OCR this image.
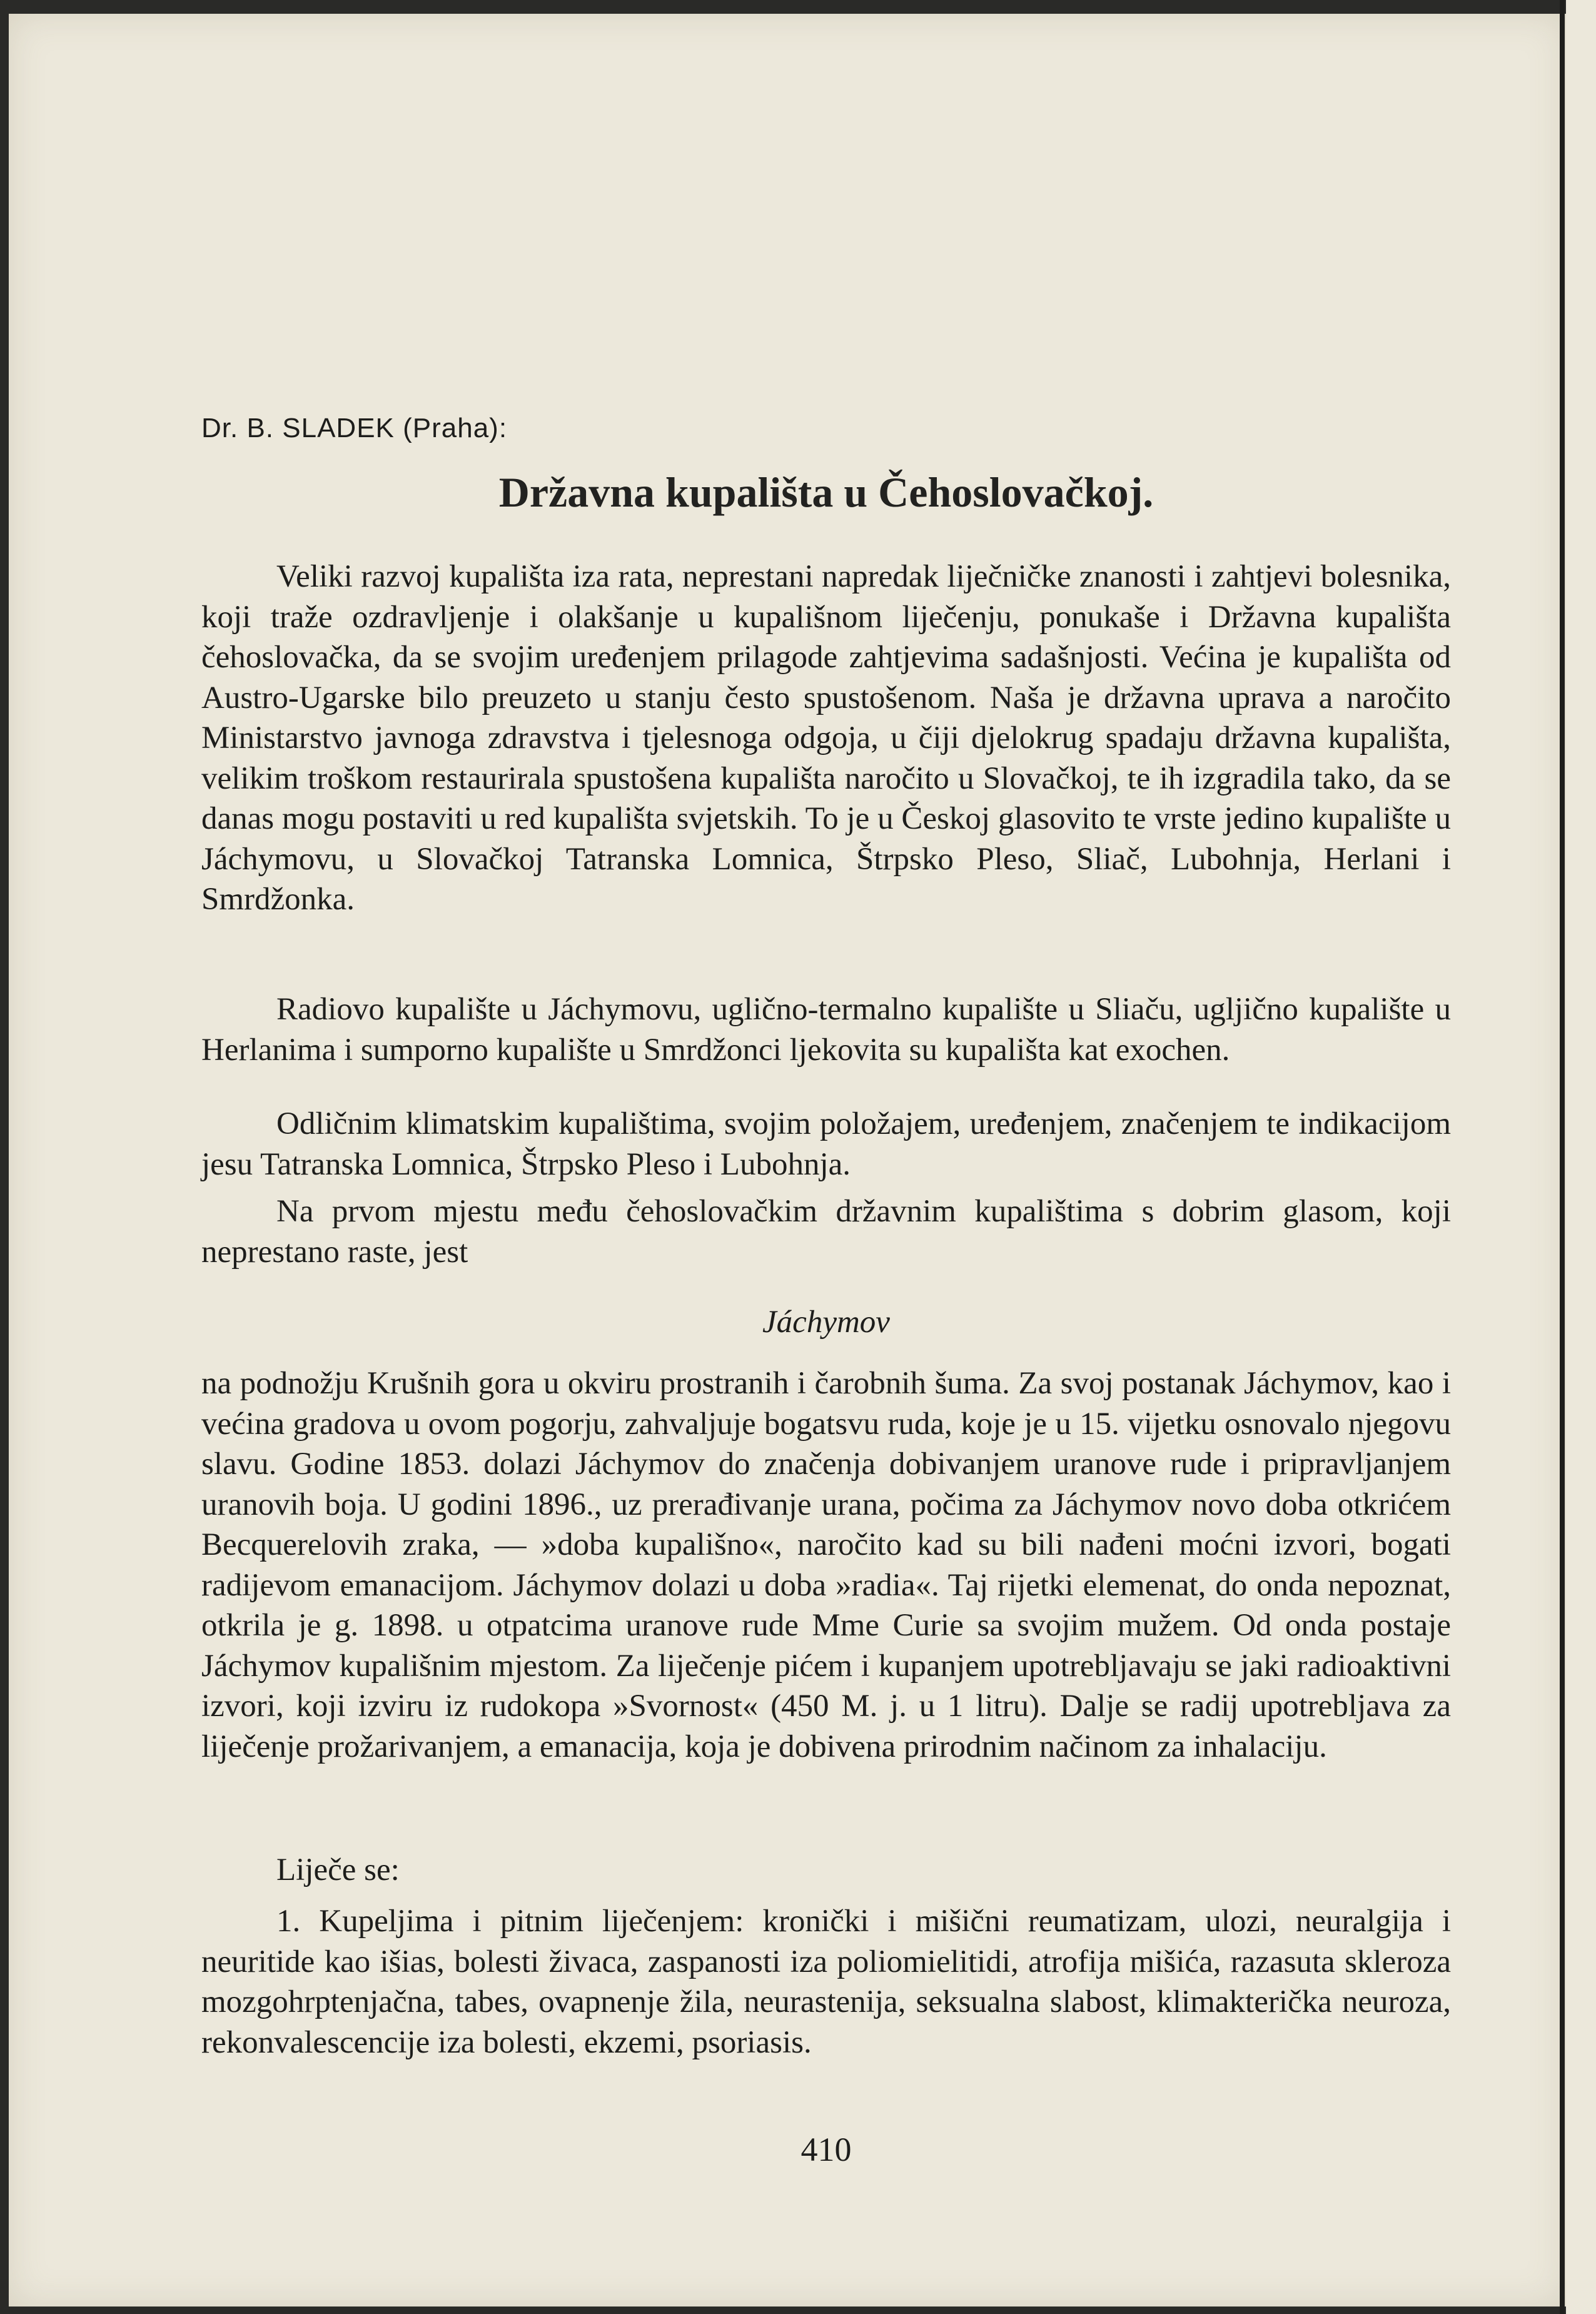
Dr. B. SLADEK (Praha):
Državna kupališta u Čehoslovačkoj.
Veliki razvoj kupališta iza rata, neprestani napredak liječničke znanosti i zahtjevi bolesnika, koji traže ozdravljenje i olakšanje u kupališnom liječenju, ponukaše i Državna kupališta čehoslovačka, da se svojim uređenjem prilagode zahtjevima sadašnjosti. Većina je kupališta od Austro-Ugarske bilo preuzeto u stanju često spustošenom. Naša je državna uprava a naročito Ministarstvo javnoga zdravstva i tjelesnoga odgoja, u čiji djelokrug spadaju državna kupališta, velikim troškom restaurirala spustošena kupališta naročito u Slovačkoj, te ih izgradila tako, da se danas mogu postaviti u red kupališta svjetskih. To je u Českoj glasovito te vrste jedino kupalište u Jáchymovu, u Slovačkoj Tatranska Lomnica, Štrpsko Pleso, Sliač, Lubohnja, Herlani i Smrdžonka.
Radiovo kupalište u Jáchymovu, uglično-termalno kupalište u Sliaču, ugljično kupalište u Herlanima i sumporno kupalište u Smrdžonci ljekovita su kupališta kat exochen.
Odličnim klimatskim kupalištima, svojim položajem, uređenjem, značenjem te indikacijom jesu Tatranska Lomnica, Štrpsko Pleso i Lubohnja.
Na prvom mjestu među čehoslovačkim državnim kupalištima s dobrim glasom, koji neprestano raste, jest
Jáchymov
na podnožju Krušnih gora u okviru prostranih i čarobnih šuma. Za svoj postanak Jáchymov, kao i većina gradova u ovom pogorju, zahvaljuje bogatsvu ruda, koje je u 15. vijetku osnovalo njegovu slavu. Godine 1853. dolazi Jáchymov do značenja dobivanjem uranove rude i pripravljanjem uranovih boja. U godini 1896., uz prerađivanje urana, počima za Jáchymov novo doba otkrićem Becquerelovih zraka, — »doba kupališno«, naročito kad su bili nađeni moćni izvori, bogati radijevom emanacijom. Jáchymov dolazi u doba »radia«. Taj rijetki elemenat, do onda nepoznat, otkrila je g. 1898. u otpatcima uranove rude Mme Curie sa svojim mužem. Od onda postaje Jáchymov kupališnim mjestom. Za liječenje pićem i kupanjem upotrebljavaju se jaki radioaktivni izvori, koji izviru iz rudokopa »Svornost« (450 M. j. u 1 litru). Dalje se radij upotrebljava za liječenje prožarivanjem, a emanacija, koja je dobivena prirodnim načinom za inhalaciju.
Liječe se:
1. Kupeljima i pitnim liječenjem: kronički i mišični reumatizam, ulozi, neuralgija i neuritide kao išias, bolesti živaca, zaspanosti iza poliomielitidi, atrofija mišića, razasuta skleroza mozgohrptenjačna, tabes, ovapnenje žila, neurastenija, seksualna slabost, klimakterička neuroza, rekonvalescencije iza bolesti, ekzemi, psoriasis.
410
